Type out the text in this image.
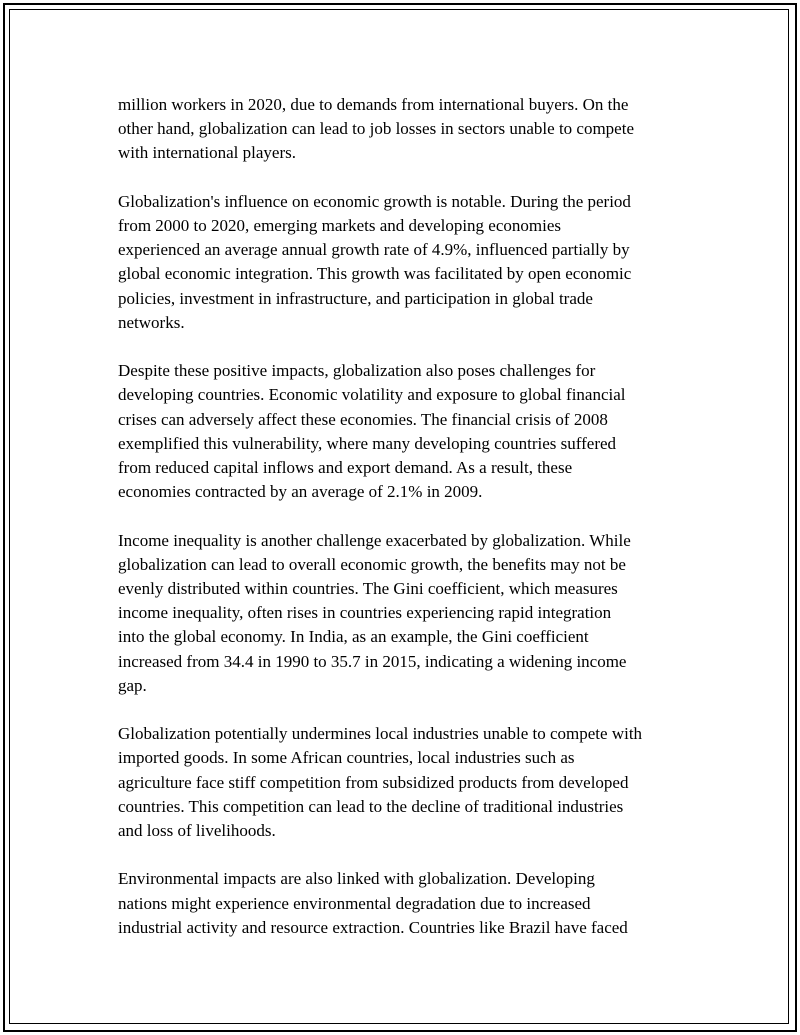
million workers in 2020, due to demands from international buyers. On the
other hand, globalization can lead to job losses in sectors unable to compete
with international players.

Globalization's influence on economic growth is notable. During the period
from 2000 to 2020, emerging markets and developing economies
experienced an average annual growth rate of 4.9%, influenced partially by
global economic integration. This growth was facilitated by open economic
policies, investment in infrastructure, and participation in global trade
networks.

Despite these positive impacts, globalization also poses challenges for
developing countries. Economic volatility and exposure to global financial
crises can adversely affect these economies. The financial crisis of 2008
exemplified this vulnerability, where many developing countries suffered
from reduced capital inflows and export demand. As a result, these
economies contracted by an average of 2.1% in 2009.

Income inequality is another challenge exacerbated by globalization. While
globalization can lead to overall economic growth, the benefits may not be
evenly distributed within countries. The Gini coefficient, which measures
income inequality, often rises in countries experiencing rapid integration
into the global economy. In India, as an example, the Gini coefficient
increased from 34.4 in 1990 to 35.7 in 2015, indicating a widening income
gap.

Globalization potentially undermines local industries unable to compete with
imported goods. In some African countries, local industries such as
agriculture face stiff competition from subsidized products from developed
countries. This competition can lead to the decline of traditional industries
and loss of livelihoods.

Environmental impacts are also linked with globalization. Developing
nations might experience environmental degradation due to increased
industrial activity and resource extraction. Countries like Brazil have faced
